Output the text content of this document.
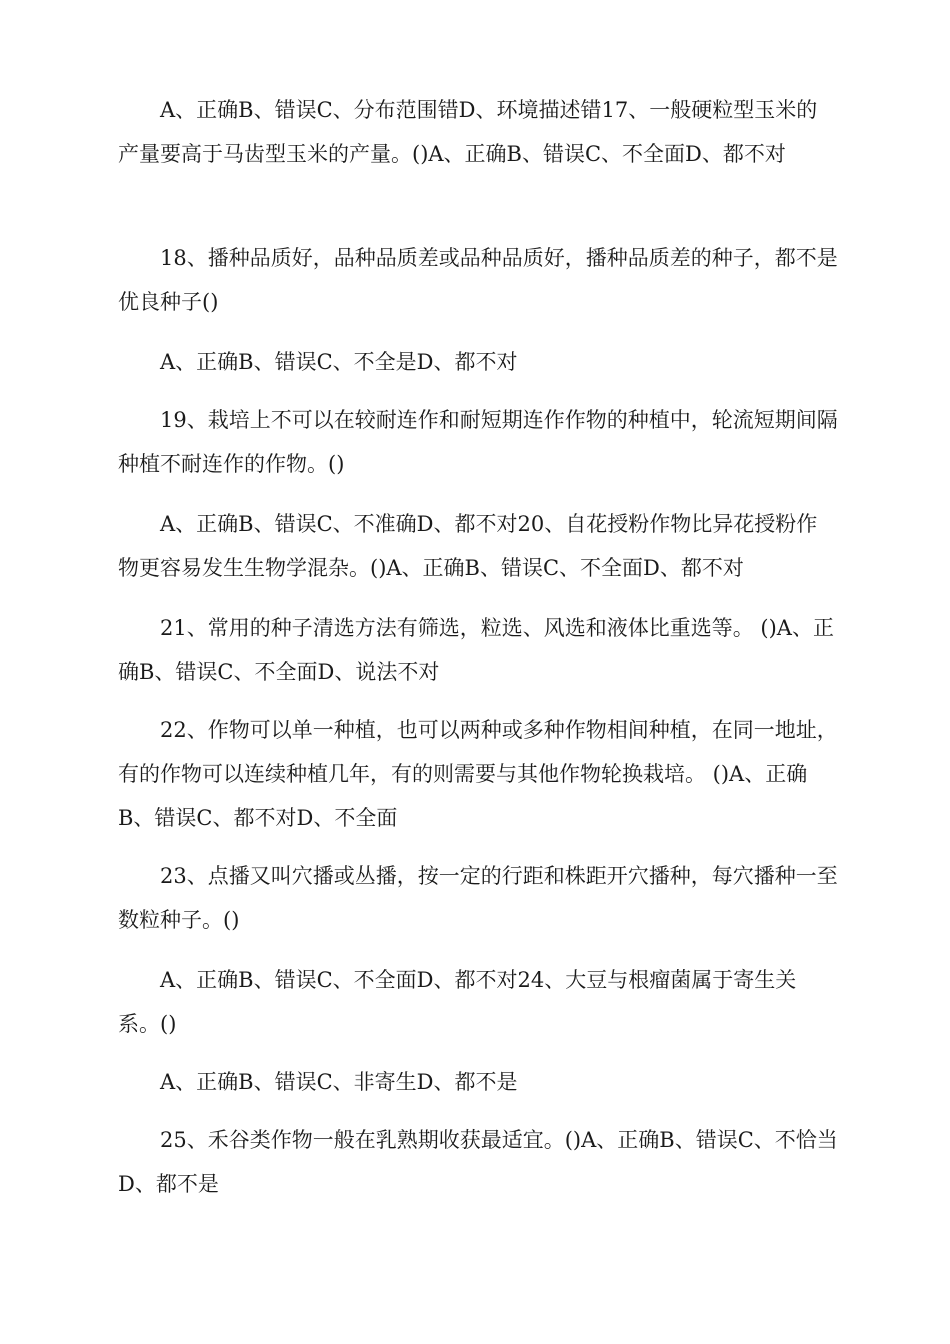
A、正确B、错误C、分布范围错D、环境描述错17、一般硬粒型玉米的产量要高于马齿型玉米的产量。()A、正确B、错误C、不全面D、都不对

18、播种品质好，品种品质差或品种品质好，播种品质差的种子，都不是优良种子()

A、正确B、错误C、不全是D、都不对

19、栽培上不可以在较耐连作和耐短期连作作物的种植中，轮流短期间隔种植不耐连作的作物。()

A、正确B、错误C、不准确D、都不对20、自花授粉作物比异花授粉作物更容易发生生物学混杂。()A、正确B、错误C、不全面D、都不对

21、常用的种子清选方法有筛选，粒选、风选和液体比重选等。 ()A、正确B、错误C、不全面D、说法不对

22、作物可以单一种植，也可以两种或多种作物相间种植，在同一地址，有的作物可以连续种植几年，有的则需要与其他作物轮换栽培。 ()A、正确B、错误C、都不对D、不全面

23、点播又叫穴播或丛播，按一定的行距和株距开穴播种，每穴播种一至数粒种子。()

A、正确B、错误C、不全面D、都不对24、大豆与根瘤菌属于寄生关系。()

A、正确B、错误C、非寄生D、都不是

25、禾谷类作物一般在乳熟期收获最适宜。()A、正确B、错误C、不恰当D、都不是
